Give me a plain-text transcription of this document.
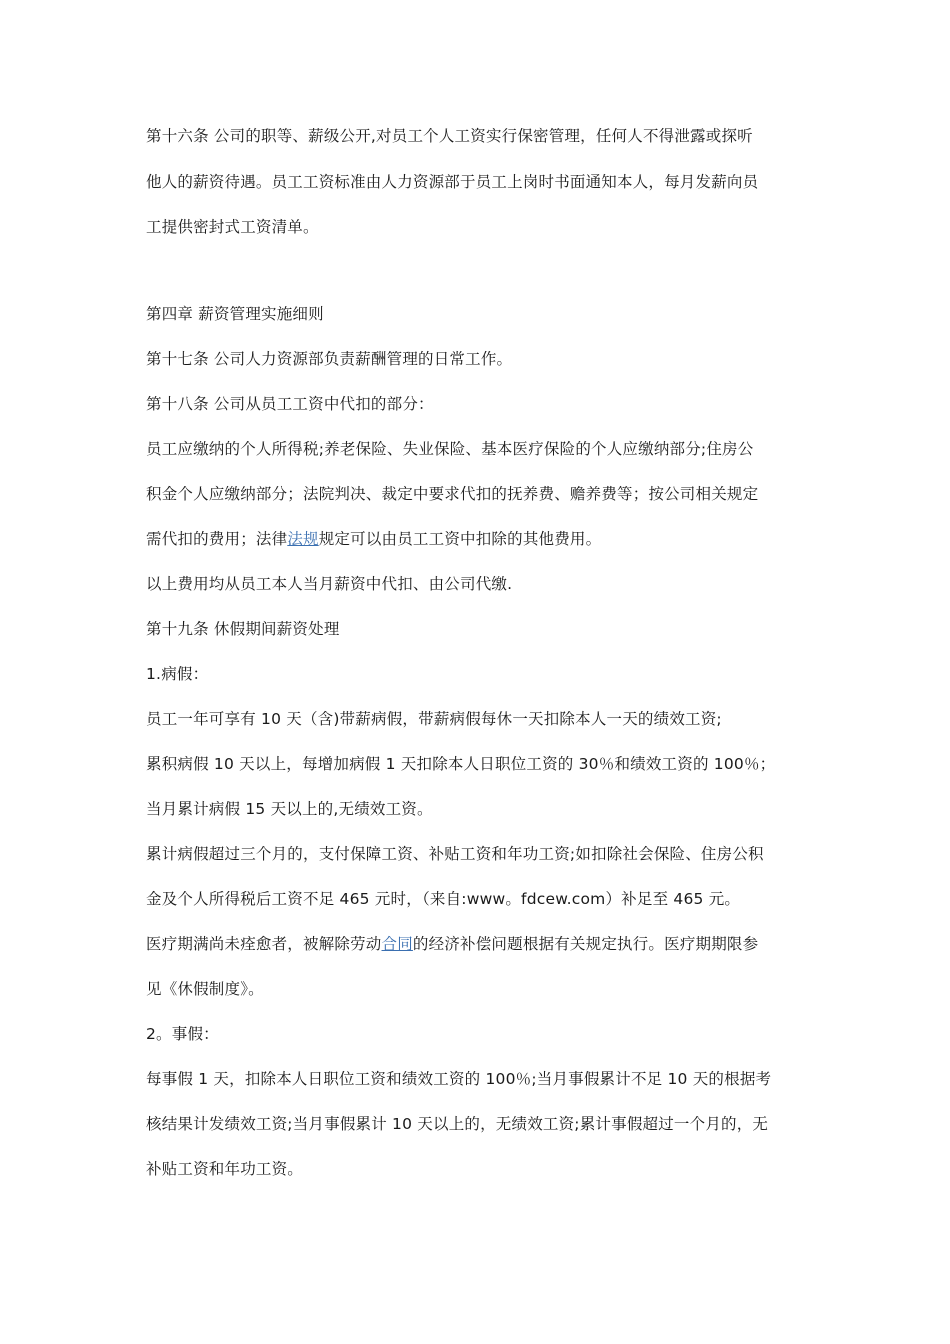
第十六条 公司的职等、薪级公开,对员工个人工资实行保密管理，任何人不得泄露或探听
他人的薪资待遇。员工工资标准由人力资源部于员工上岗时书面通知本人，每月发薪向员
工提供密封式工资清单。
第四章 薪资管理实施细则
第十七条 公司人力资源部负责薪酬管理的日常工作。
第十八条 公司从员工工资中代扣的部分：
员工应缴纳的个人所得税;养老保险、失业保险、基本医疗保险的个人应缴纳部分;住房公
积金个人应缴纳部分；法院判决、裁定中要求代扣的抚养费、赡养费等；按公司相关规定
需代扣的费用；法律法规规定可以由员工工资中扣除的其他费用。
以上费用均从员工本人当月薪资中代扣、由公司代缴.
第十九条 休假期间薪资处理
1.病假：
员工一年可享有 10 天（含)带薪病假，带薪病假每休一天扣除本人一天的绩效工资;
累积病假 10 天以上，每增加病假 1 天扣除本人日职位工资的 30％和绩效工资的 100％；
当月累计病假 15 天以上的,无绩效工资。
累计病假超过三个月的，支付保障工资、补贴工资和年功工资;如扣除社会保险、住房公积
金及个人所得税后工资不足 465 元时，（来自:www。fdcew.com）补足至 465 元。
医疗期满尚未痊愈者，被解除劳动合同的经济补偿问题根据有关规定执行。医疗期期限参
见《休假制度》。
2。事假：
每事假 1 天，扣除本人日职位工资和绩效工资的 100％;当月事假累计不足 10 天的根据考
核结果计发绩效工资;当月事假累计 10 天以上的，无绩效工资;累计事假超过一个月的，无
补贴工资和年功工资。
